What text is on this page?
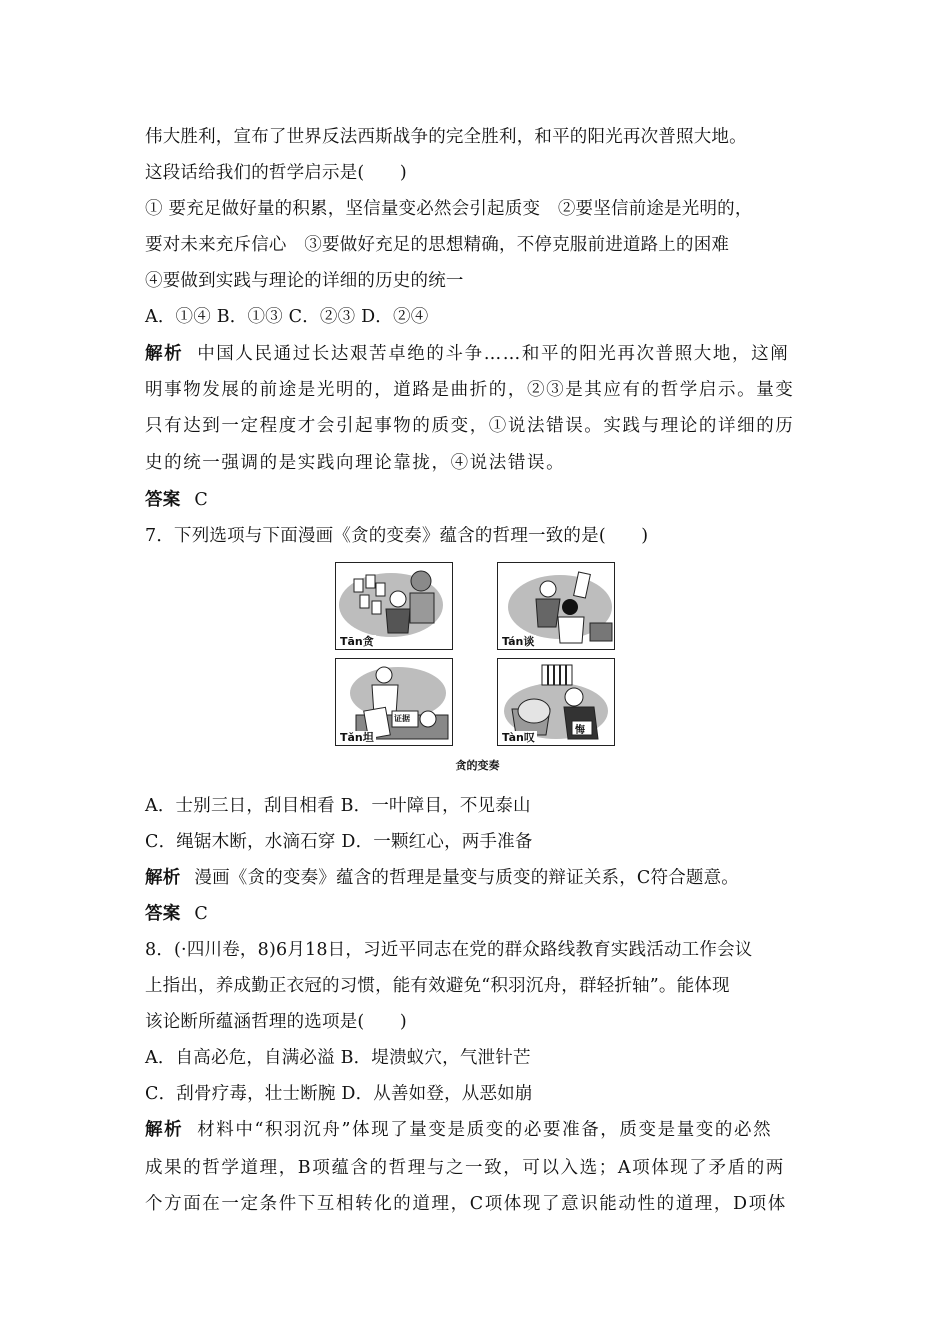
伟大胜利，宣布了世界反法西斯战争的完全胜利，和平的阳光再次普照大地。
这段话给我们的哲学启示是(　　)
① 要充足做好量的积累，坚信量变必然会引起质变　②要坚信前途是光明的，
要对未来充斥信心　③要做好充足的思想精确，不停克服前进道路上的困难
④要做到实践与理论的详细的历史的统一
A．①④ B．①③ C．②③ D．②④
解析 中国人民通过长达艰苦卓绝的斗争……和平的阳光再次普照大地，这阐
明事物发展的前途是光明的，道路是曲折的，②③是其应有的哲学启示。量变
只有达到一定程度才会引起事物的质变，①说法错误。实践与理论的详细的历
史的统一强调的是实践向理论靠拢，④说法错误。
答案 C
7．下列选项与下面漫画《贪的变奏》蕴含的哲理一致的是(　　)
Tān贪	Tán谈
证据
Tǎn坦
悔
Tàn叹
贪的变奏
A．士别三日，刮目相看 B．一叶障目，不见泰山
C．绳锯木断，水滴石穿 D．一颗红心，两手准备
解析 漫画《贪的变奏》蕴含的哲理是量变与质变的辩证关系，C符合题意。
答案 C
8．(·四川卷，8)6月18日，习近平同志在党的群众路线教育实践活动工作会议
上指出，养成勤正衣冠的习惯，能有效避免“积羽沉舟，群轻折轴”。能体现
该论断所蕴涵哲理的选项是(　　)
A．自高必危，自满必溢 B．堤溃蚁穴，气泄针芒
C．刮骨疗毒，壮士断腕 D．从善如登，从恶如崩
解析 材料中“积羽沉舟”体现了量变是质变的必要准备，质变是量变的必然
成果的哲学道理，B项蕴含的哲理与之一致，可以入选；A项体现了矛盾的两
个方面在一定条件下互相转化的道理，C项体现了意识能动性的道理，D项体
